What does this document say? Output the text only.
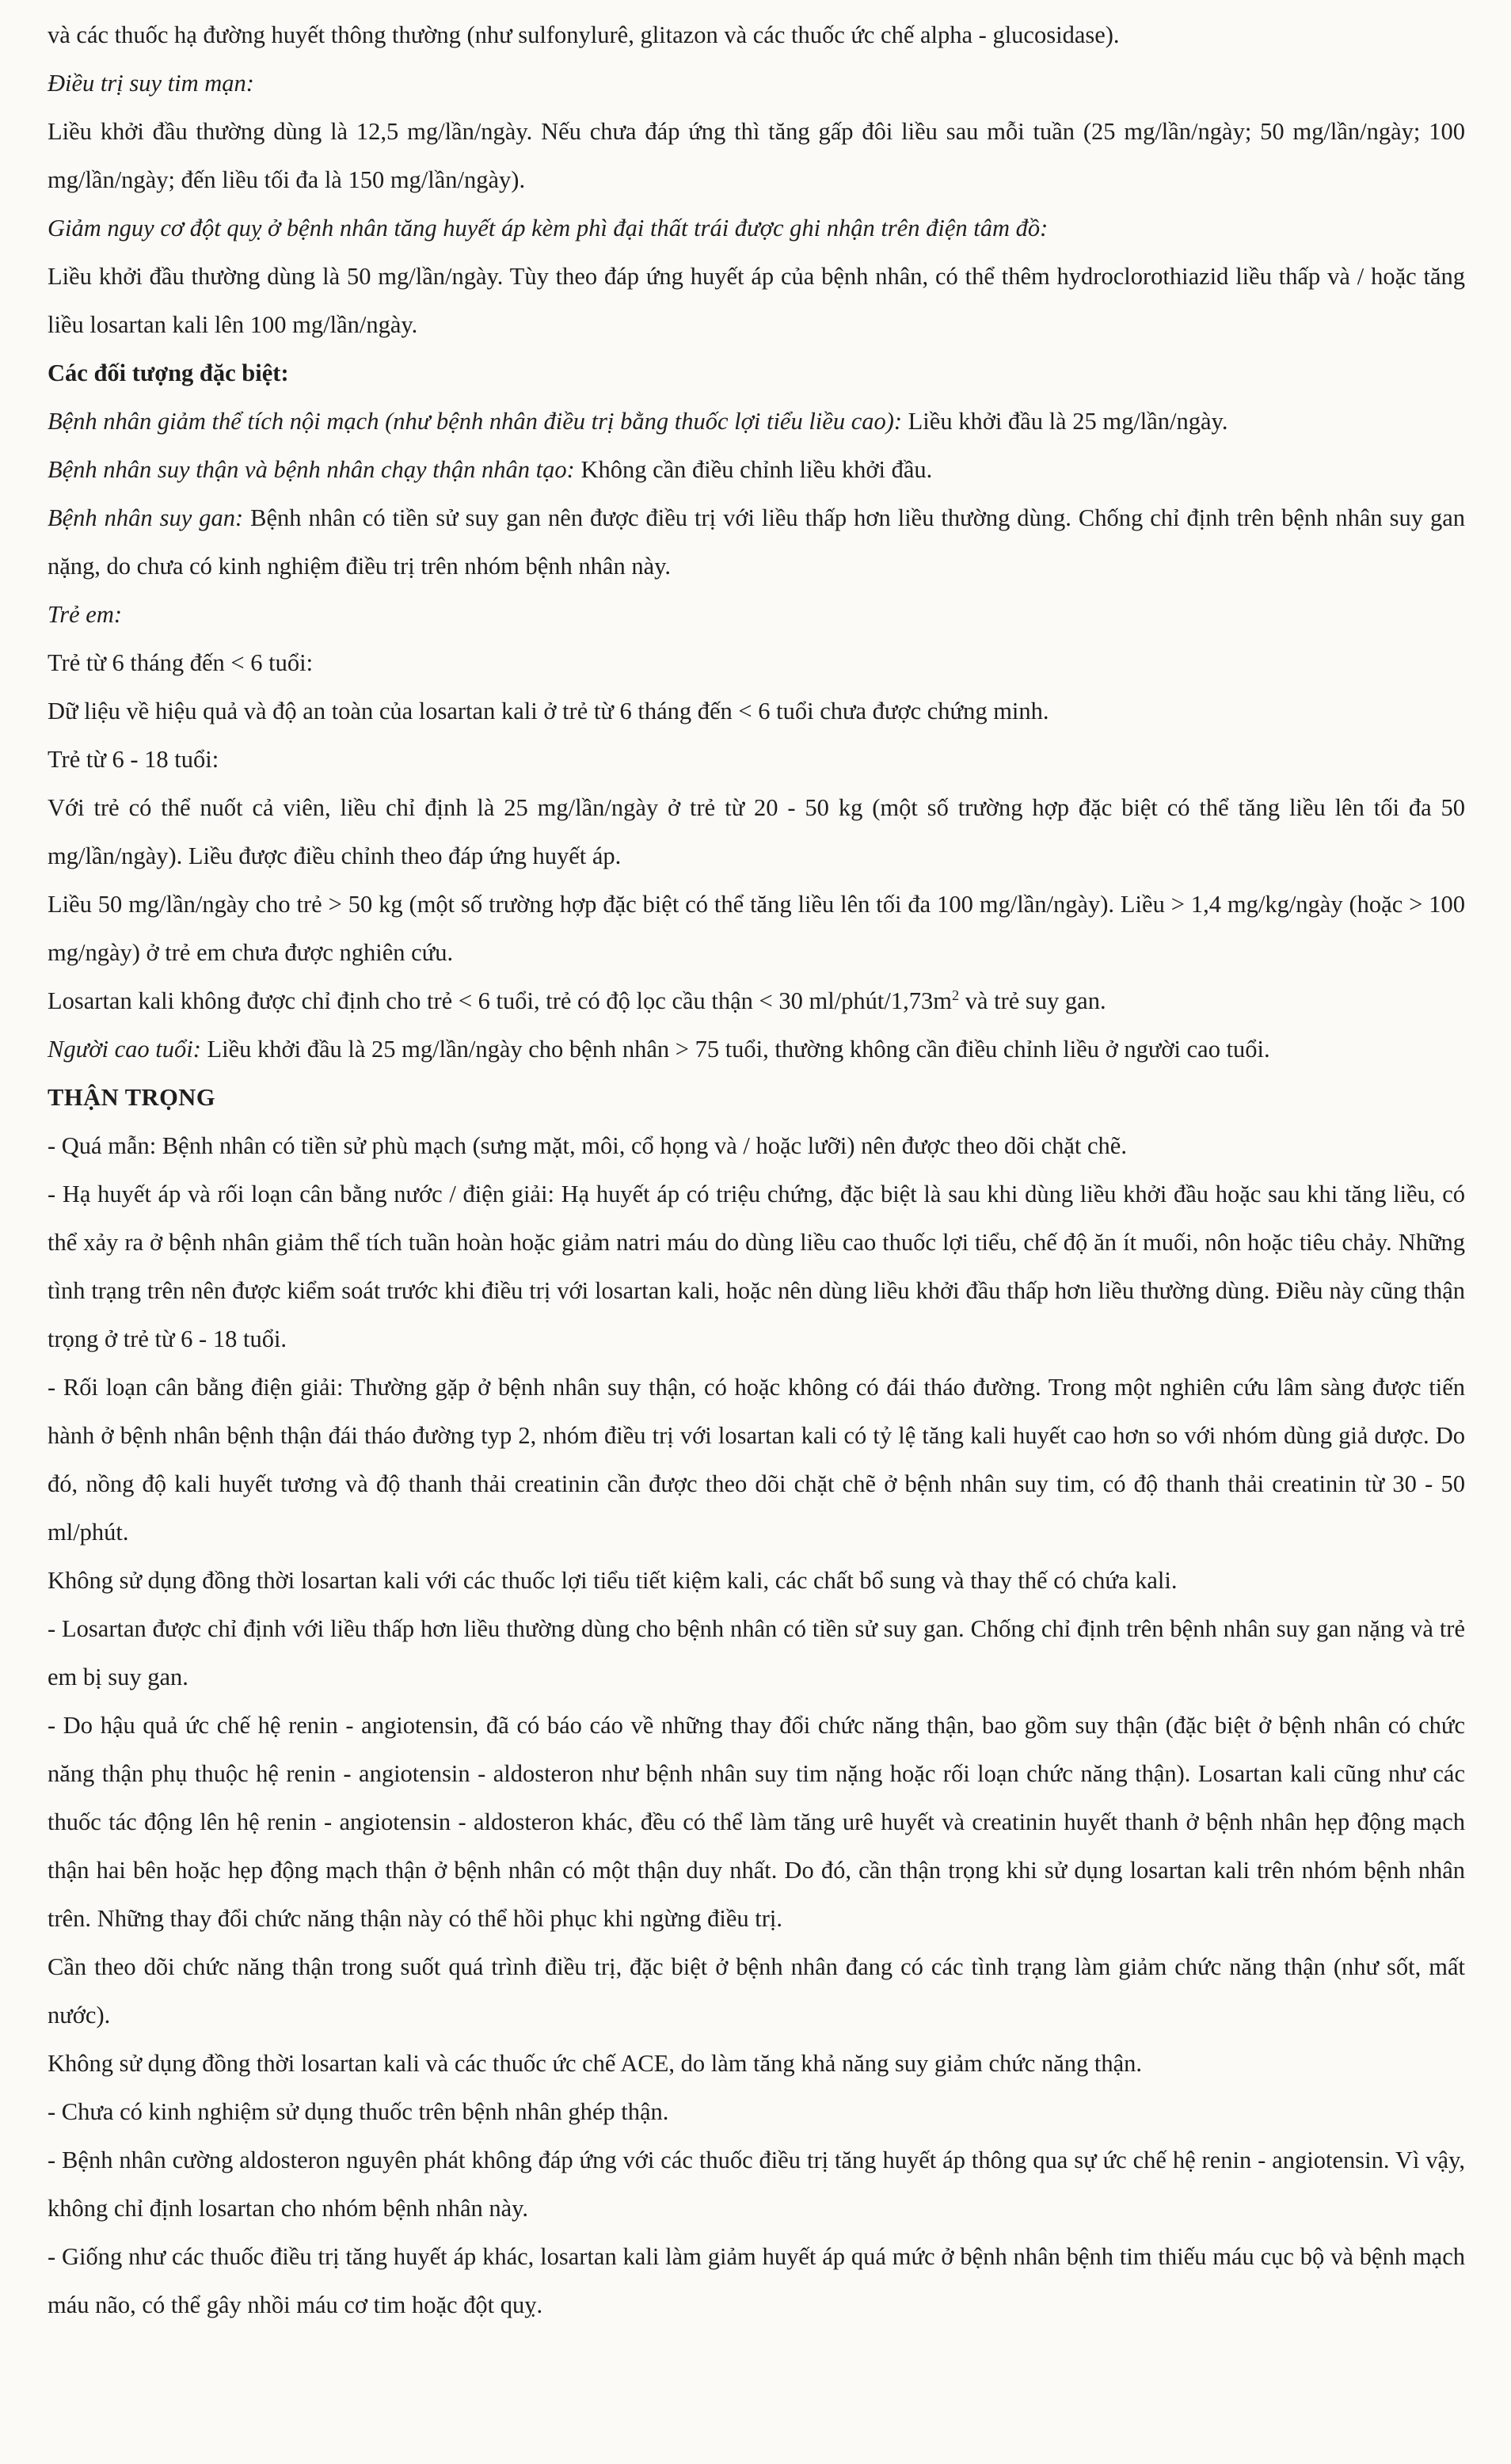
và các thuốc hạ đường huyết thông thường (như sulfonylurê, glitazon và các thuốc ức chế alpha - glucosidase).

Điều trị suy tim mạn:

Liều khởi đầu thường dùng là 12,5 mg/lần/ngày. Nếu chưa đáp ứng thì tăng gấp đôi liều sau mỗi tuần (25 mg/lần/ngày; 50 mg/lần/ngày; 100 mg/lần/ngày; đến liều tối đa là 150 mg/lần/ngày).

Giảm nguy cơ đột quỵ ở bệnh nhân tăng huyết áp kèm phì đại thất trái được ghi nhận trên điện tâm đồ:

Liều khởi đầu thường dùng là 50 mg/lần/ngày. Tùy theo đáp ứng huyết áp của bệnh nhân, có thể thêm hydroclorothiazid liều thấp và / hoặc tăng liều losartan kali lên 100 mg/lần/ngày.

Các đối tượng đặc biệt:

Bệnh nhân giảm thể tích nội mạch (như bệnh nhân điều trị bằng thuốc lợi tiểu liều cao): Liều khởi đầu là 25 mg/lần/ngày.

Bệnh nhân suy thận và bệnh nhân chạy thận nhân tạo: Không cần điều chỉnh liều khởi đầu.

Bệnh nhân suy gan: Bệnh nhân có tiền sử suy gan nên được điều trị với liều thấp hơn liều thường dùng. Chống chỉ định trên bệnh nhân suy gan nặng, do chưa có kinh nghiệm điều trị trên nhóm bệnh nhân này.

Trẻ em:

Trẻ từ 6 tháng đến < 6 tuổi:

Dữ liệu về hiệu quả và độ an toàn của losartan kali ở trẻ từ 6 tháng đến < 6 tuổi chưa được chứng minh.

Trẻ từ 6 - 18 tuổi:

Với trẻ có thể nuốt cả viên, liều chỉ định là 25 mg/lần/ngày ở trẻ từ 20 - 50 kg (một số trường hợp đặc biệt có thể tăng liều lên tối đa 50 mg/lần/ngày). Liều được điều chỉnh theo đáp ứng huyết áp.

Liều 50 mg/lần/ngày cho trẻ > 50 kg (một số trường hợp đặc biệt có thể tăng liều lên tối đa 100 mg/lần/ngày). Liều > 1,4 mg/kg/ngày (hoặc > 100 mg/ngày) ở trẻ em chưa được nghiên cứu.

Losartan kali không được chỉ định cho trẻ < 6 tuổi, trẻ có độ lọc cầu thận < 30 $ml/phút/1,73m^2$ và trẻ suy gan.

Người cao tuổi: Liều khởi đầu là 25 mg/lần/ngày cho bệnh nhân > 75 tuổi, thường không cần điều chỉnh liều ở người cao tuổi.

THẬN TRỌNG

- Quá mẫn: Bệnh nhân có tiền sử phù mạch (sưng mặt, môi, cổ họng và / hoặc lưỡi) nên được theo dõi chặt chẽ.

- Hạ huyết áp và rối loạn cân bằng nước / điện giải: Hạ huyết áp có triệu chứng, đặc biệt là sau khi dùng liều khởi đầu hoặc sau khi tăng liều, có thể xảy ra ở bệnh nhân giảm thể tích tuần hoàn hoặc giảm natri máu do dùng liều cao thuốc lợi tiểu, chế độ ăn ít muối, nôn hoặc tiêu chảy. Những tình trạng trên nên được kiểm soát trước khi điều trị với losartan kali, hoặc nên dùng liều khởi đầu thấp hơn liều thường dùng. Điều này cũng thận trọng ở trẻ từ 6 - 18 tuổi.

- Rối loạn cân bằng điện giải: Thường gặp ở bệnh nhân suy thận, có hoặc không có đái tháo đường. Trong một nghiên cứu lâm sàng được tiến hành ở bệnh nhân bệnh thận đái tháo đường typ 2, nhóm điều trị với losartan kali có tỷ lệ tăng kali huyết cao hơn so với nhóm dùng giả dược. Do đó, nồng độ kali huyết tương và độ thanh thải creatinin cần được theo dõi chặt chẽ ở bệnh nhân suy tim, có độ thanh thải creatinin từ 30 - 50 ml/phút.

Không sử dụng đồng thời losartan kali với các thuốc lợi tiểu tiết kiệm kali, các chất bổ sung và thay thế có chứa kali.

- Losartan được chỉ định với liều thấp hơn liều thường dùng cho bệnh nhân có tiền sử suy gan. Chống chỉ định trên bệnh nhân suy gan nặng và trẻ em bị suy gan.

- Do hậu quả ức chế hệ renin - angiotensin, đã có báo cáo về những thay đổi chức năng thận, bao gồm suy thận (đặc biệt ở bệnh nhân có chức năng thận phụ thuộc hệ renin - angiotensin - aldosteron như bệnh nhân suy tim nặng hoặc rối loạn chức năng thận). Losartan kali cũng như các thuốc tác động lên hệ renin - angiotensin - aldosteron khác, đều có thể làm tăng urê huyết và creatinin huyết thanh ở bệnh nhân hẹp động mạch thận hai bên hoặc hẹp động mạch thận ở bệnh nhân có một thận duy nhất. Do đó, cần thận trọng khi sử dụng losartan kali trên nhóm bệnh nhân trên. Những thay đổi chức năng thận này có thể hồi phục khi ngừng điều trị.

Cần theo dõi chức năng thận trong suốt quá trình điều trị, đặc biệt ở bệnh nhân đang có các tình trạng làm giảm chức năng thận (như sốt, mất nước).

Không sử dụng đồng thời losartan kali và các thuốc ức chế ACE, do làm tăng khả năng suy giảm chức năng thận.

- Chưa có kinh nghiệm sử dụng thuốc trên bệnh nhân ghép thận.

- Bệnh nhân cường aldosteron nguyên phát không đáp ứng với các thuốc điều trị tăng huyết áp thông qua sự ức chế hệ renin - angiotensin. Vì vậy, không chỉ định losartan cho nhóm bệnh nhân này.

- Giống như các thuốc điều trị tăng huyết áp khác, losartan kali làm giảm huyết áp quá mức ở bệnh nhân bệnh tim thiếu máu cục bộ và bệnh mạch máu não, có thể gây nhồi máu cơ tim hoặc đột quỵ.
